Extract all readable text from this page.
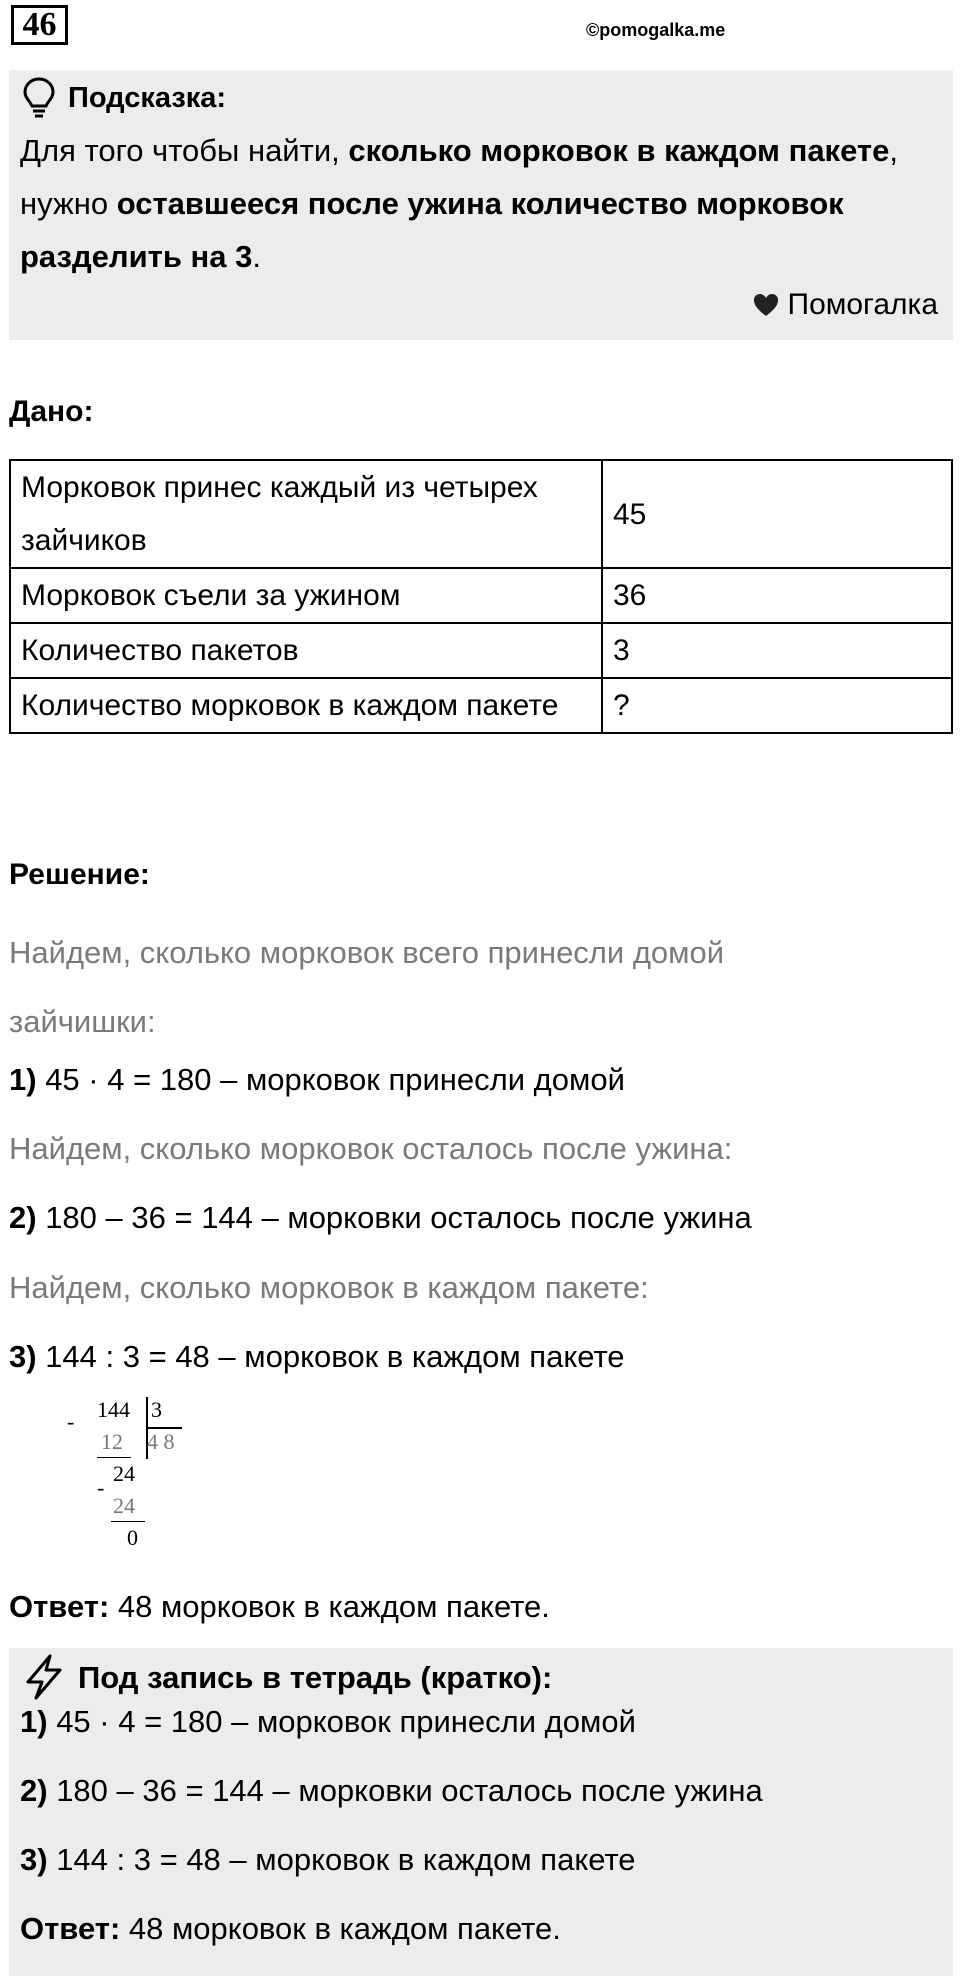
46	©pomogalka.me
Подсказка:
Для того чтобы найти, сколько морковок в каждом пакете, нужно оставшееся после ужина количество морковок разделить на 3.
Помогалка
Дано:
Морковок принес каждый из четырех зайчиков	45
Морковок съели за ужином	36
Количество пакетов	3
Количество морковок в каждом пакете	?
Решение:
Найдем, сколько морковок всего принесли домой зайчишки:
1) 45 · 4 = 180 – морковок принесли домой
Найдем, сколько морковок осталось после ужина:
2) 180 – 36 = 144 – морковки осталось после ужина
Найдем, сколько морковок в каждом пакете:
3) 144 : 3 = 48 – морковок в каждом пакете
144 3
-
12 4 8
24
-
24
0
Ответ: 48 морковок в каждом пакете.
Под запись в тетрадь (кратко):
1) 45 · 4 = 180 – морковок принесли домой
2) 180 – 36 = 144 – морковки осталось после ужина
3) 144 : 3 = 48 – морковок в каждом пакете
Ответ: 48 морковок в каждом пакете.
